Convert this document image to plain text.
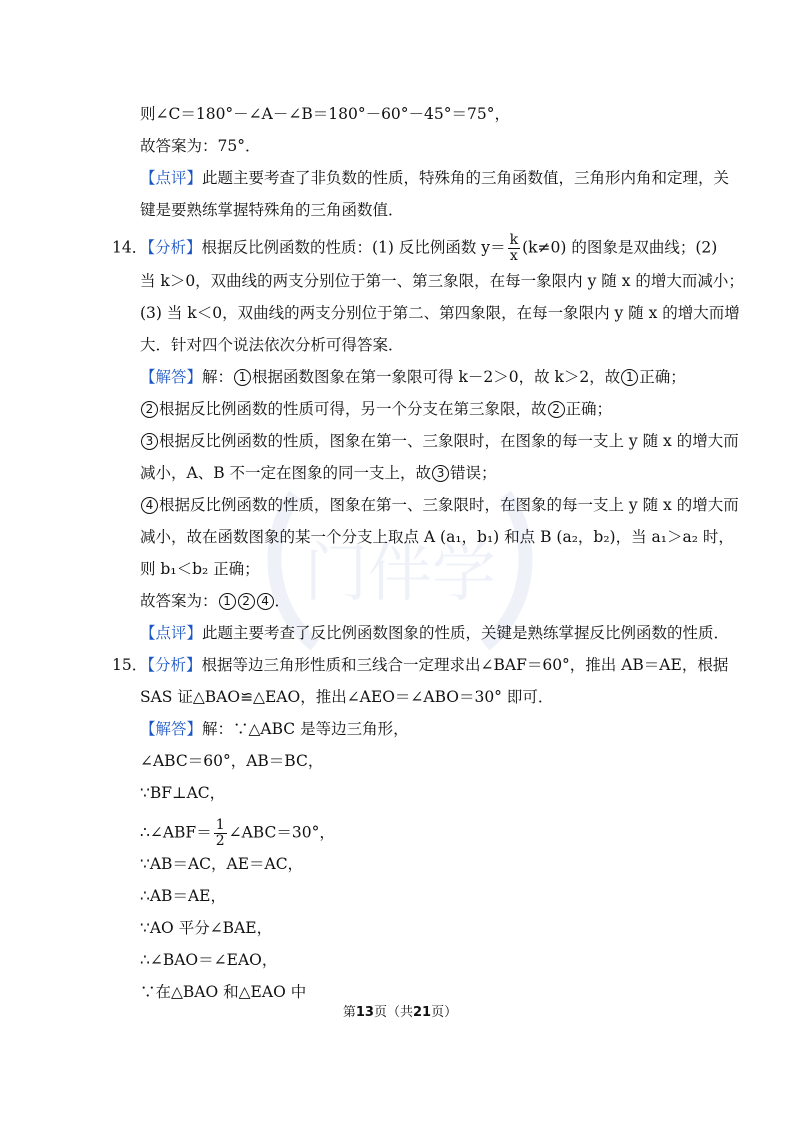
门伴学
则∠C＝180°－∠A－∠B＝180°－60°－45°＝75°，
故答案为：75°．
【点评】此题主要考查了非负数的性质，特殊角的三角函数值，三角形内角和定理，关
键是要熟练掌握特殊角的三角函数值．
14．【分析】根据反比例函数的性质：(1) 反比例函数 $y= \frac{k}{x} (k\ne 0)$ 的图象是双曲线；(2)
当 k＞0，双曲线的两支分别位于第一、第三象限，在每一象限内 y 随 x 的增大而减小；
(3) 当 k＜0，双曲线的两支分别位于第二、第四象限，在每一象限内 y 随 x 的增大而增
大．针对四个说法依次分析可得答案．
【解答】解： 1 根据函数图象在第一象限可得 k－2＞0，故 k＞2，故 1 正确；
2 根据反比例函数的性质可得，另一个分支在第三象限，故 2 正确；
3 根据反比例函数的性质，图象在第一、三象限时，在图象的每一支上 y 随 x 的增大而
减小，A、B 不一定在图象的同一支上，故 3 错误；
4 根据反比例函数的性质，图象在第一、三象限时，在图象的每一支上 y 随 x 的增大而
减小，故在函数图象的某一个分支上取点 A (a₁，b₁) 和点 B (a₂，b₂)，当 a₁＞a₂ 时，
则 b₁＜b₂ 正确；
故答案为： 1 2 4 ．
【点评】此题主要考查了反比例函数图象的性质，关键是熟练掌握反比例函数的性质．
15．【分析】根据等边三角形性质和三线合一定理求出∠BAF＝60°，推出 AB＝AE，根据
SAS 证△BAO≌△EAO，推出∠AEO＝∠ABO＝30° 即可．
【解答】解：∵△ABC 是等边三角形，
∠ABC＝60°，AB＝BC，
∵BF⊥AC，
∴∠ABF＝ $\frac{1}{2}$ ∠ABC＝30°，
∵AB＝AC，AE＝AC，
∴AB＝AE，
∵AO 平分∠BAE，
∴∠BAO＝∠EAO，
∵在△BAO 和△EAO 中
第13页（共21页）
